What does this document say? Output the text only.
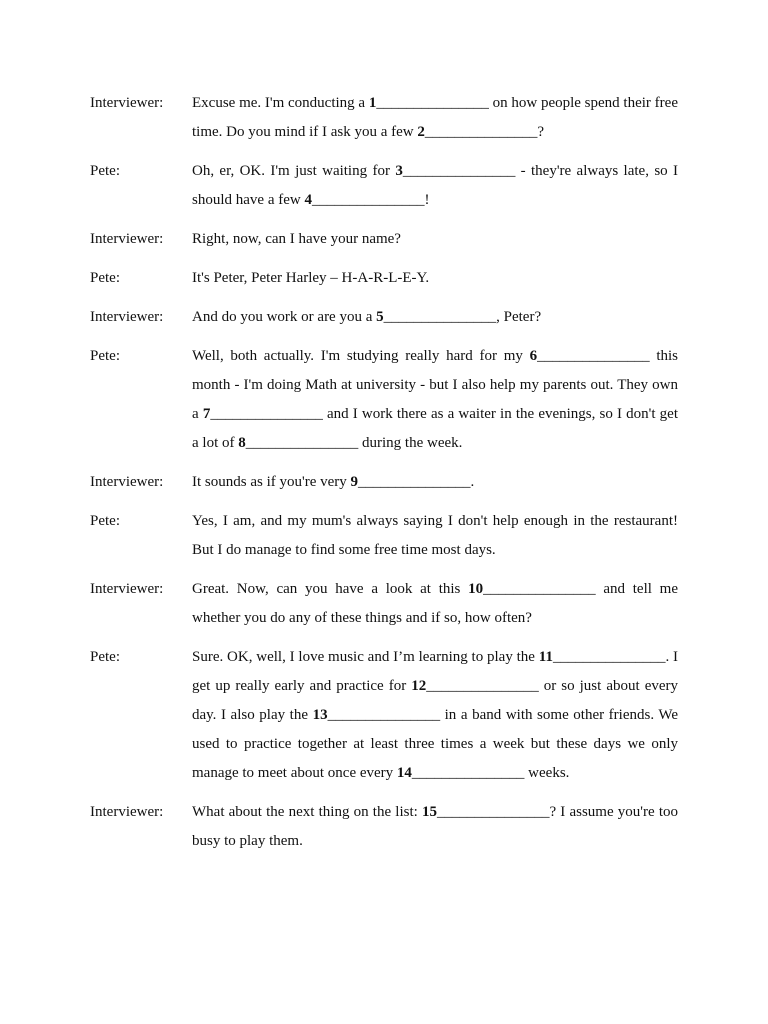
Interviewer:	Excuse me. I'm conducting a 1_______________ on how people spend their free time. Do you mind if I ask you a few 2_______________?
Pete:	Oh, er, OK. I'm just waiting for 3_______________ - they're always late, so I should have a few 4_______________!
Interviewer:	Right, now, can I have your name?
Pete:	It's Peter, Peter Harley – H-A-R-L-E-Y.
Interviewer:	And do you work or are you a 5_______________, Peter?
Pete:	Well, both actually. I'm studying really hard for my 6_______________ this month - I'm doing Math at university - but I also help my parents out. They own a 7_______________ and I work there as a waiter in the evenings, so I don't get a lot of 8_______________ during the week.
Interviewer:	It sounds as if you're very 9_______________.
Pete:	Yes, I am, and my mum's always saying I don't help enough in the restaurant! But I do manage to find some free time most days.
Interviewer:	Great. Now, can you have a look at this 10_______________ and tell me whether you do any of these things and if so, how often?
Pete:	Sure. OK, well, I love music and I’m learning to play the 11_______________. I get up really early and practice for 12_______________ or so just about every day. I also play the 13_______________ in a band with some other friends. We used to practice together at least three times a week but these days we only manage to meet about once every 14_______________ weeks.
Interviewer:	What about the next thing on the list: 15_______________? I assume you're too busy to play them.
